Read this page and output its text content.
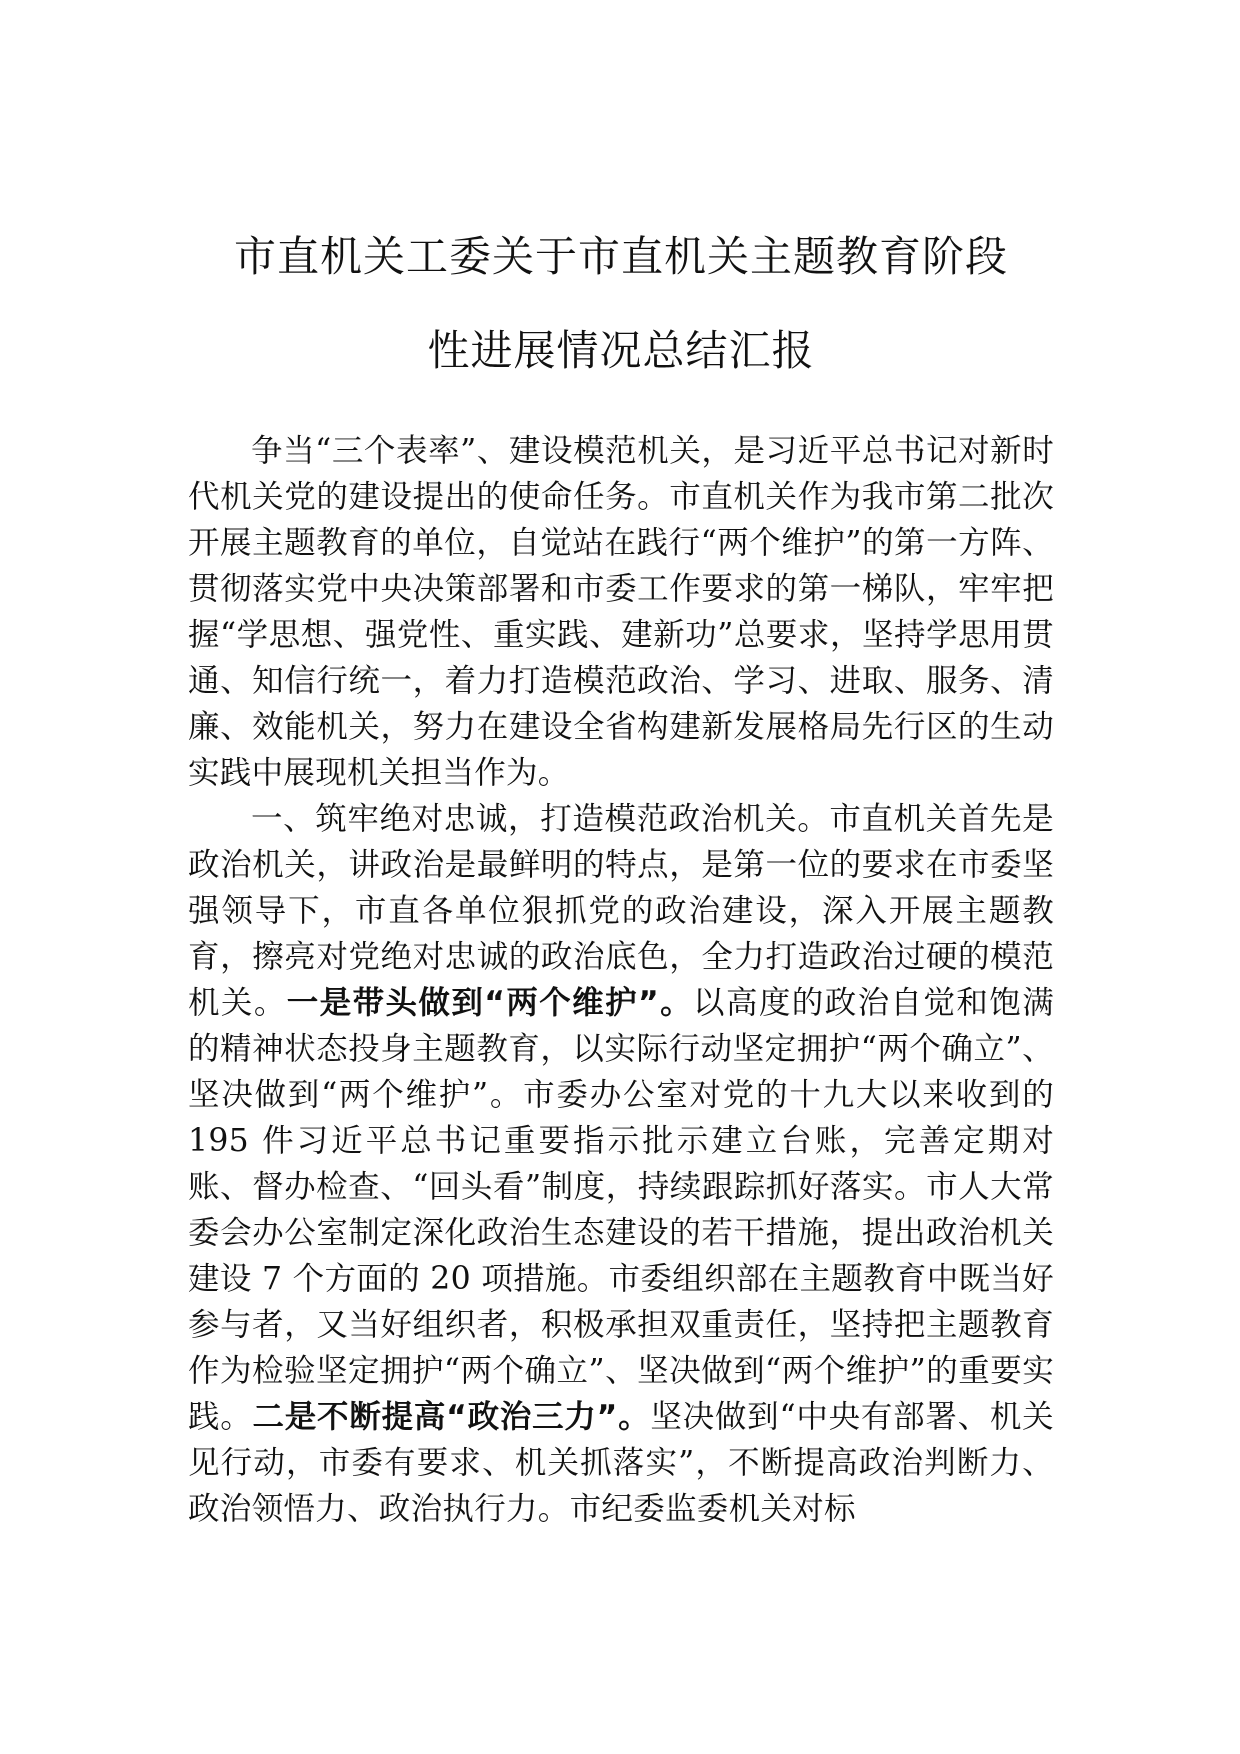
市直机关工委关于市直机关主题教育阶段
性进展情况总结汇报

争当“三个表率”、建设模范机关，是习近平总书记对新时代机关党的建设提出的使命任务。市直机关作为我市第二批次开展主题教育的单位，自觉站在践行“两个维护”的第一方阵、贯彻落实党中央决策部署和市委工作要求的第一梯队，牢牢把握“学思想、强党性、重实践、建新功”总要求，坚持学思用贯通、知信行统一，着力打造模范政治、学习、进取、服务、清廉、效能机关，努力在建设全省构建新发展格局先行区的生动实践中展现机关担当作为。

一、筑牢绝对忠诚，打造模范政治机关。市直机关首先是政治机关，讲政治是最鲜明的特点，是第一位的要求在市委坚强领导下，市直各单位狠抓党的政治建设，深入开展主题教育，擦亮对党绝对忠诚的政治底色，全力打造政治过硬的模范机关。一是带头做到“两个维护”。以高度的政治自觉和饱满的精神状态投身主题教育，以实际行动坚定拥护“两个确立”、坚决做到“两个维护”。市委办公室对党的十九大以来收到的 195 件习近平总书记重要指示批示建立台账，完善定期对账、督办检查、“回头看”制度，持续跟踪抓好落实。市人大常委会办公室制定深化政治生态建设的若干措施，提出政治机关建设 7 个方面的 20 项措施。市委组织部在主题教育中既当好参与者，又当好组织者，积极承担双重责任，坚持把主题教育作为检验坚定拥护“两个确立”、坚决做到“两个维护”的重要实践。二是不断提高“政治三力”。坚决做到“中央有部署、机关见行动，市委有要求、机关抓落实”，不断提高政治判断力、政治领悟力、政治执行力。市纪委监委机关对标
